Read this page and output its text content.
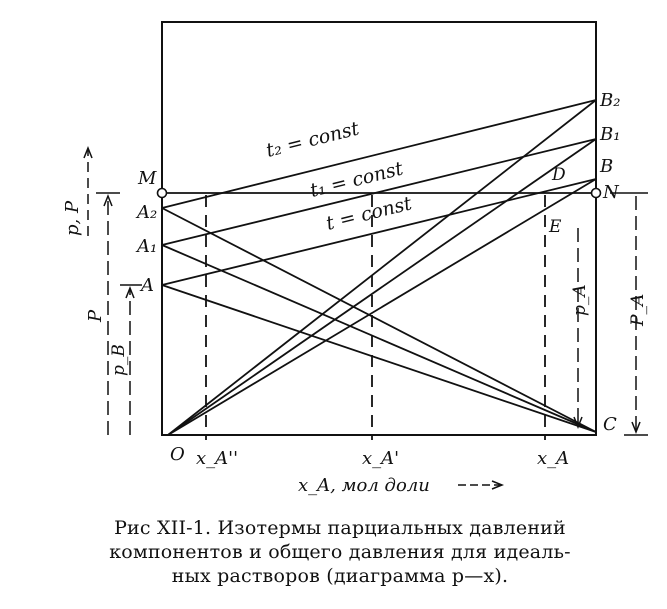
t₂ = const
t₁ = const
t = const
M
N
A₂
A₁
A
B₂
B₁
B
C
D
E
O
p, P
P
p_B
p_A P_A
x_A''	x_A'	x_A
x_A, мол доли
Рис XII-1. Изотермы парциальных давлений
компонентов и общего давления для идеаль-
ных растворов (диаграмма p—x).
